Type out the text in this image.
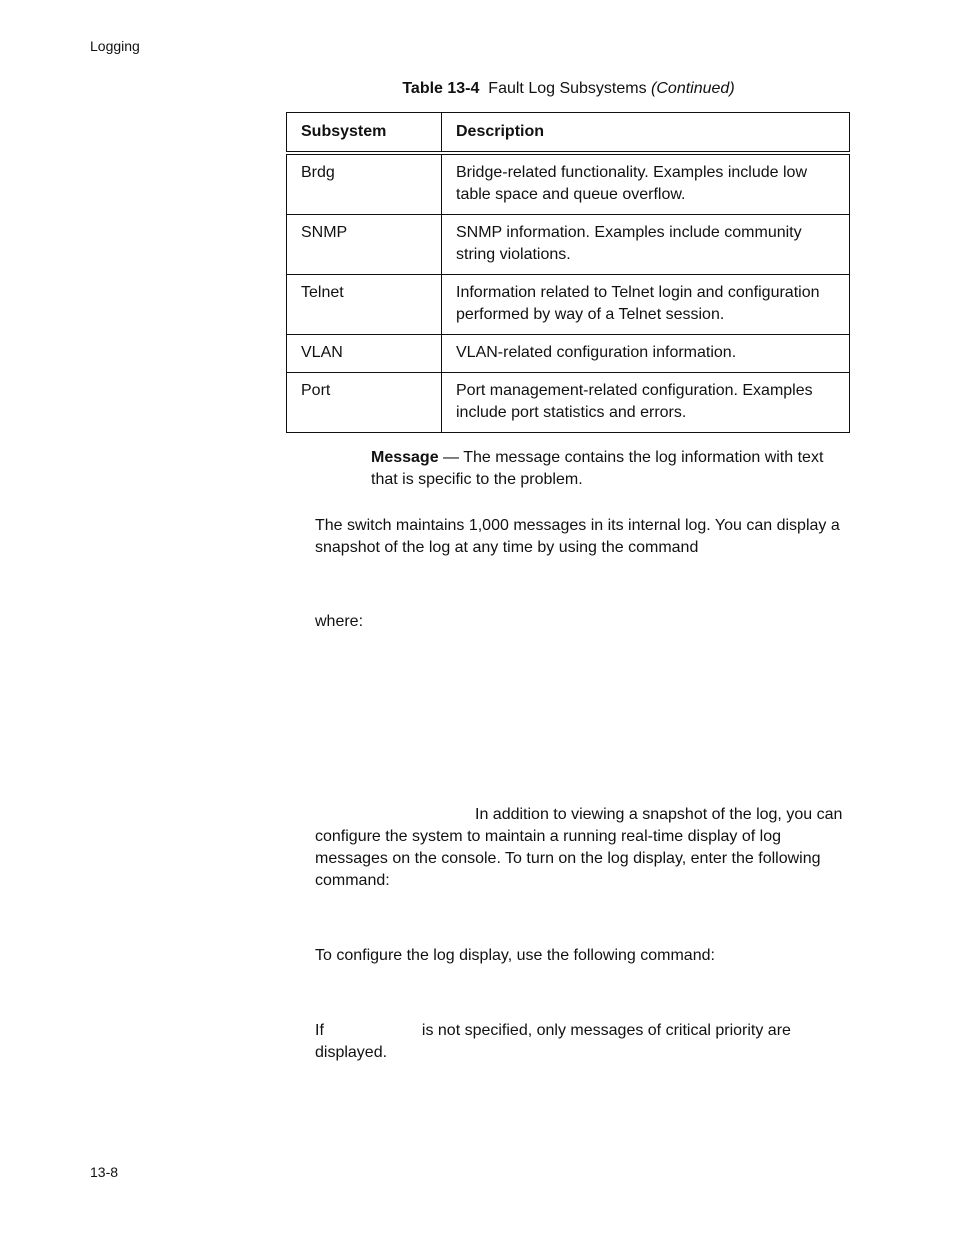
Logging
Table 13-4 Fault Log Subsystems (Continued)
Subsystem	Description
Brdg	Bridge-related functionality. Examples include low table space and queue overflow.
SNMP	SNMP information. Examples include community string violations.
Telnet	Information related to Telnet login and configuration performed by way of a Telnet session.
VLAN	VLAN-related configuration information.
Port	Port management-related configuration. Examples include port statistics and errors.
Message — The message contains the log information with text that is specific to the problem.
The switch maintains 1,000 messages in its internal log. You can display a snapshot of the log at any time by using the command
where:
In addition to viewing a snapshot of the log, you can configure the system to maintain a running real-time display of log messages on the console. To turn on the log display, enter the following command:
To configure the log display, use the following command:
If	is not specified, only messages of critical priority are displayed.
13-8
